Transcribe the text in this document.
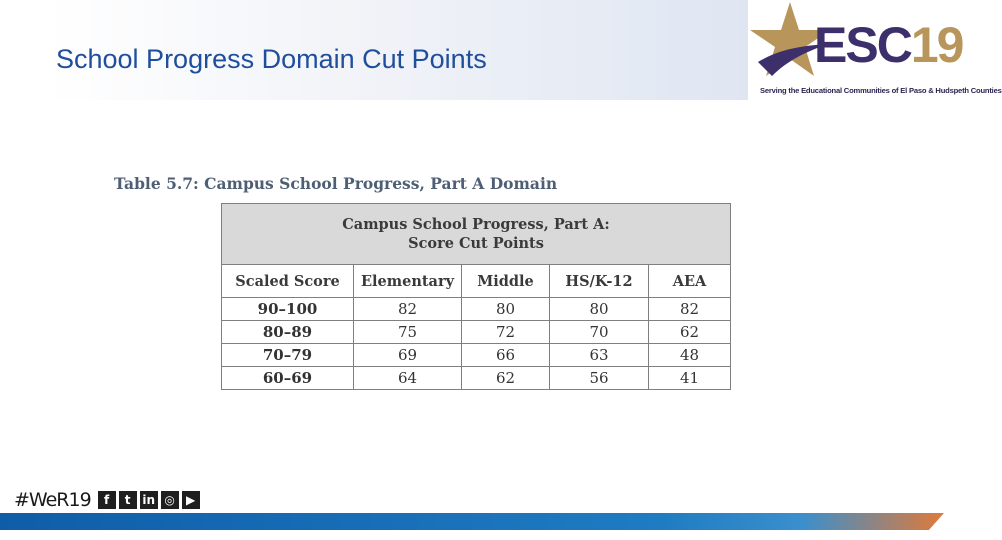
School Progress Domain Cut Points	ESC19
Serving the Educational Communities of El Paso & Hudspeth Counties
Table 5.7: Campus School Progress, Part A Domain
Campus School Progress, Part A:
Score Cut Points				

Scaled Score	Elementary	Middle	HS/K-12	AEA
90–100	82	80	80	82
80–89	75	72	70	62
70–79	69	66	63	48
60–69	64	62	56	41
#WeR19	f	t in ◎ ▶
